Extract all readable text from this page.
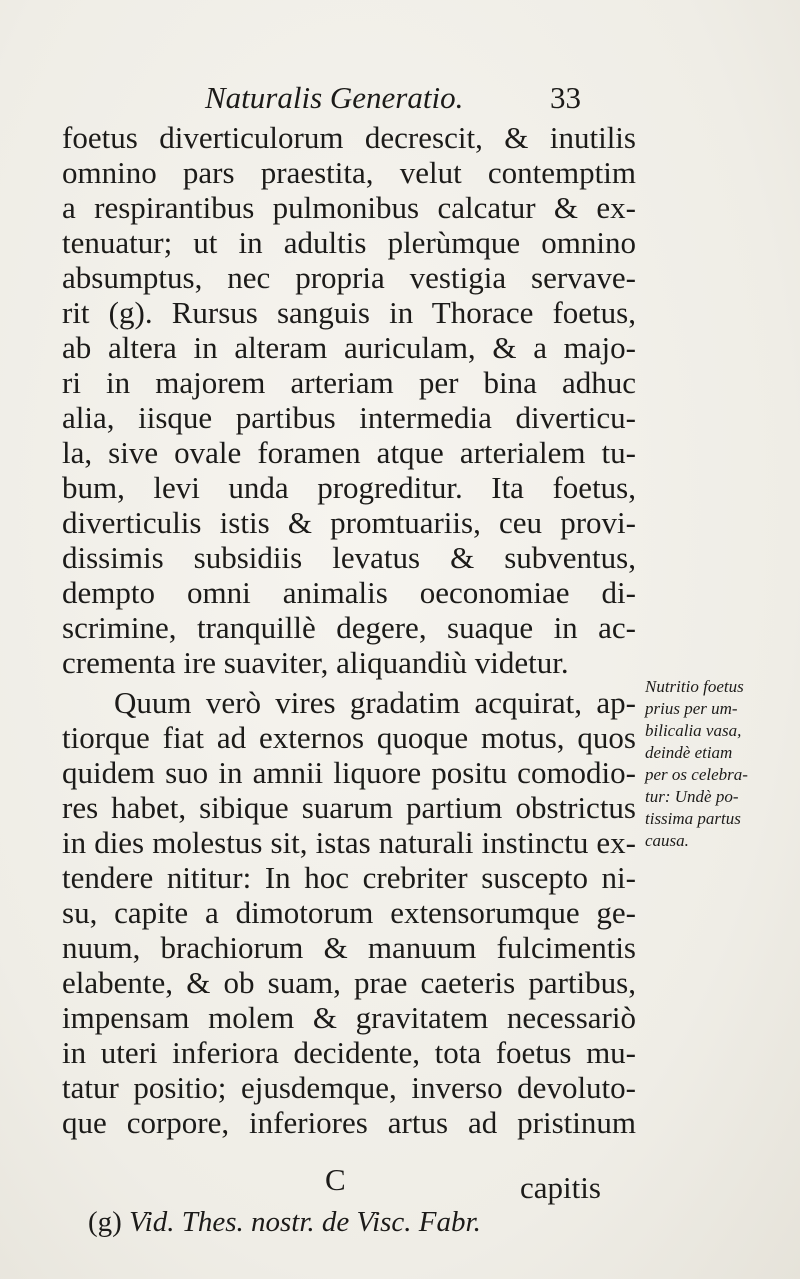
Naturalis Generatio.	33
foetus diverticulorum decrescit, & inutilis
omnino pars praestita, velut contemptim
a respirantibus pulmonibus calcatur & ex-
tenuatur; ut in adultis plerùmque omnino
absumptus, nec propria vestigia servave-
rit (g). Rursus sanguis in Thorace foetus,
ab altera in alteram auriculam, & a majo-
ri in majorem arteriam per bina adhuc
alia, iisque partibus intermedia diverticu-
la, sive ovale foramen atque arterialem tu-
bum, levi unda progreditur. Ita foetus,
diverticulis istis & promtuariis, ceu provi-
dissimis subsidiis levatus & subventus,
dempto omni animalis oeconomiae di-
scrimine, tranquillè degere, suaque in ac-
crementa ire suaviter, aliquandiù videtur.
Quum verò vires gradatim acquirat, ap-
tiorque fiat ad externos quoque motus, quos
quidem suo in amnii liquore positu comodio-
res habet, sibique suarum partium obstrictus
in dies molestus sit, istas naturali instinctu ex-
tendere nititur: In hoc crebriter suscepto ni-
su, capite a dimotorum extensorumque ge-
nuum, brachiorum & manuum fulcimentis
elabente, & ob suam, prae caeteris partibus,
impensam molem & gravitatem necessariò
in uteri inferiora decidente, tota foetus mu-
tatur positio; ejusdemque, inverso devoluto-
que corpore, inferiores artus ad pristinum
Nutritio foetus
prius per um-
bilicalia vasa,
deindè etiam
per os celebra-
tur: Undè po-
tissima partus
causa.
C	capitis
(g) Vid. Thes. nostr. de Visc. Fabr.
